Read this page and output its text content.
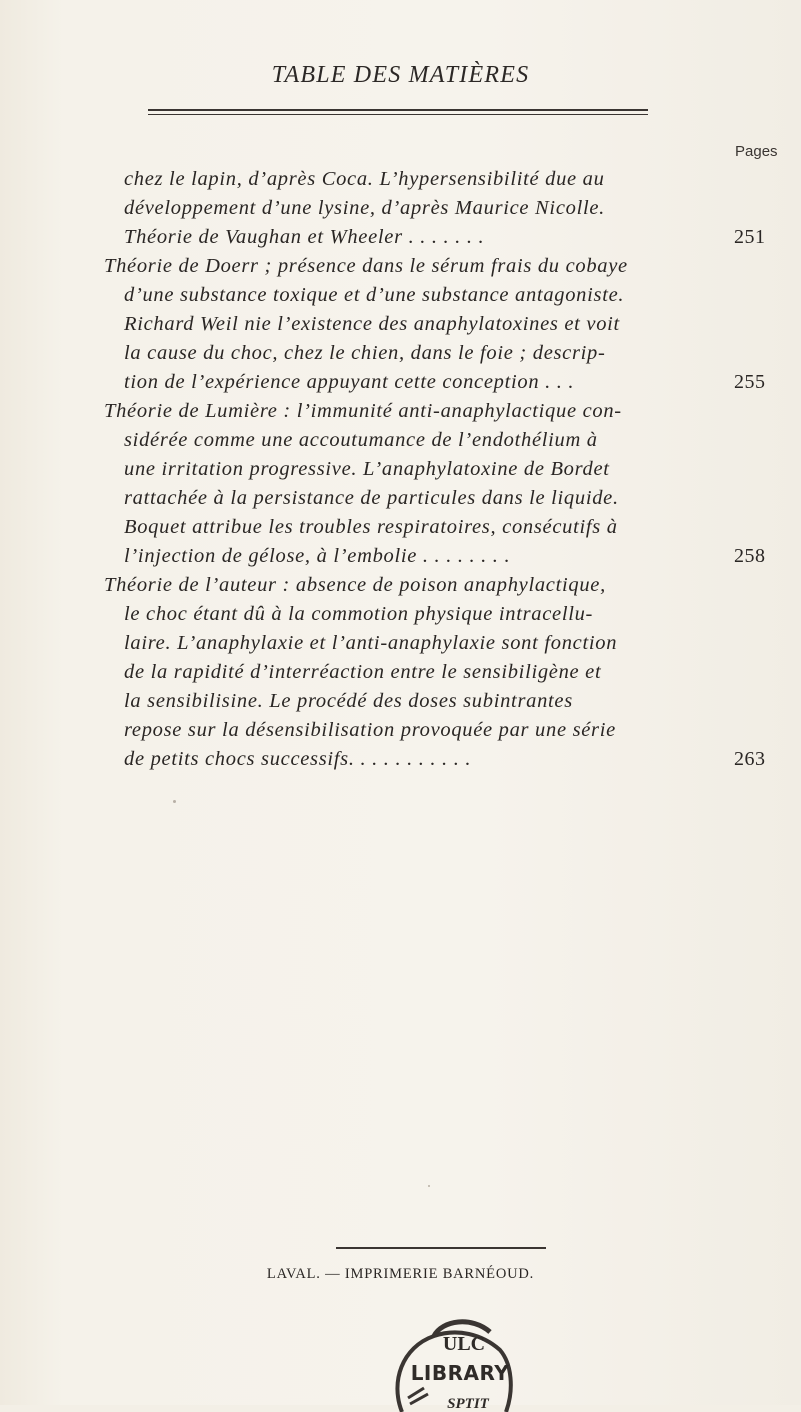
TABLE DES MATIÈRES
Pages
chez le lapin, d’après Coca. L’hypersensibilité due au
développement d’une lysine, d’après Maurice Nicolle.
Théorie de Vaughan et Wheeler . . . . . . .	251
Théorie de Doerr ; présence dans le sérum frais du cobaye
d’une substance toxique et d’une substance antagoniste.
Richard Weil nie l’existence des anaphylatoxines et voit
la cause du choc, chez le chien, dans le foie ; descrip-
tion de l’expérience appuyant cette conception . . .	255
Théorie de Lumière : l’immunité anti-anaphylactique con-
sidérée comme une accoutumance de l’endothélium à
une irritation progressive. L’anaphylatoxine de Bordet
rattachée à la persistance de particules dans le liquide.
Boquet attribue les troubles respiratoires, consécutifs à
l’injection de gélose, à l’embolie . . . . . . . .	258
Théorie de l’auteur : absence de poison anaphylactique,
le choc étant dû à la commotion physique intracellu-
laire. L’anaphylaxie et l’anti-anaphylaxie sont fonction
de la rapidité d’interréaction entre le sensibiligène et
la sensibilisine. Le procédé des doses subintrantes
repose sur la désensibilisation provoquée par une série
de petits chocs successifs. . . . . . . . . . .	263
LAVAL. — IMPRIMERIE BARNÉOUD.
ULC
LIBRARY
SPTIT
